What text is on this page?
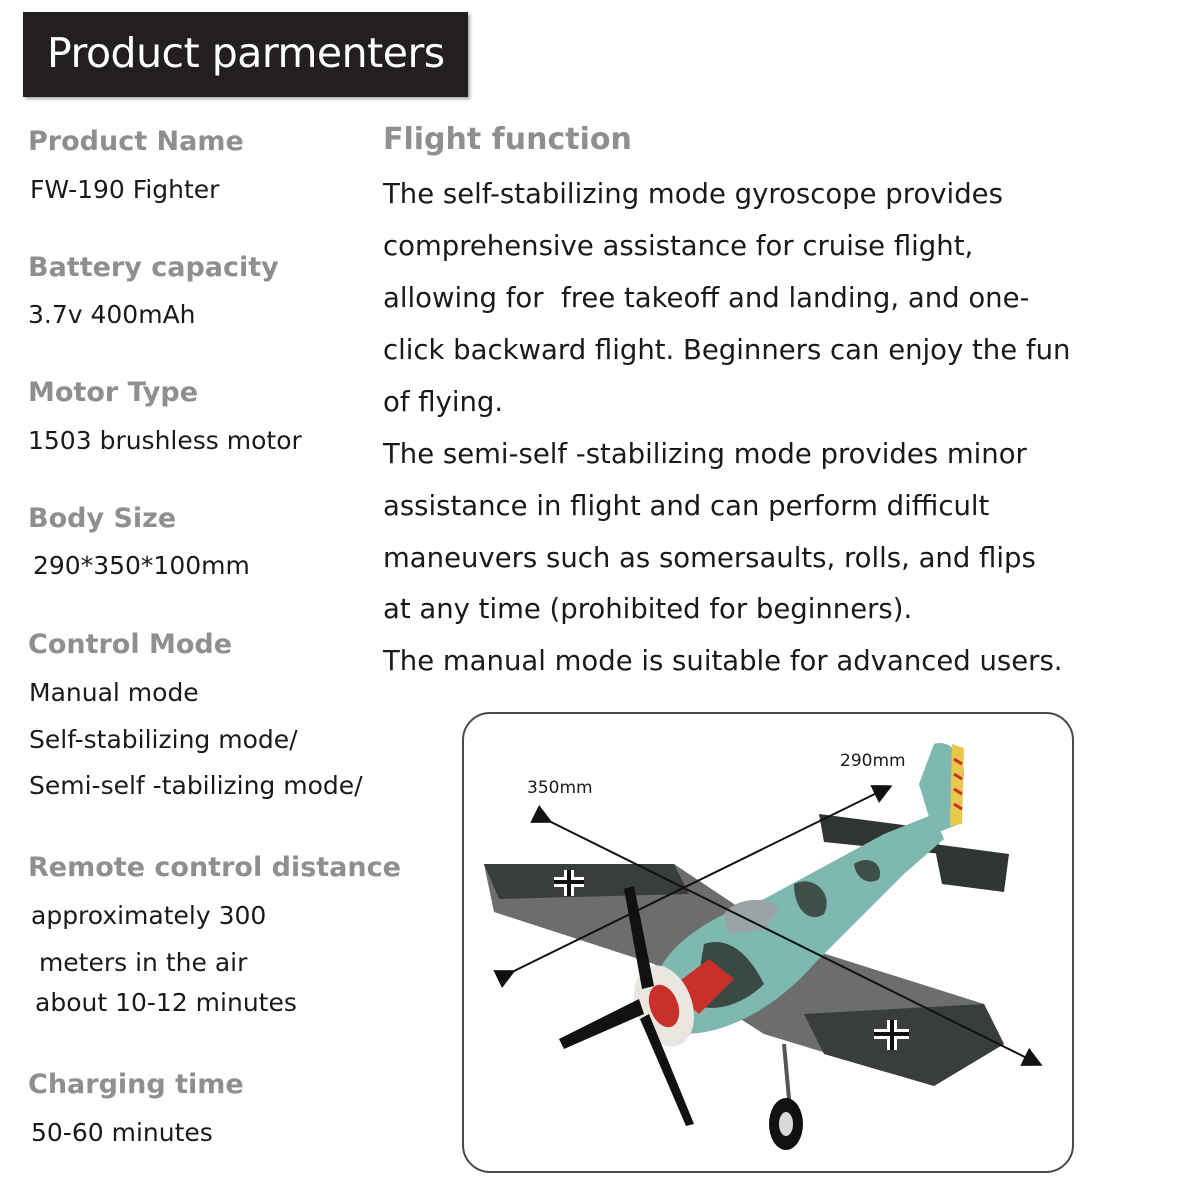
Product parmenters
Product Name

FW-190 Fighter

Battery capacity

3.7v 400mAh

Motor Type

1503 brushless motor

Body Size

290*350*100mm

Control Mode

Manual mode

Self-stabilizing mode/

Semi-self -tabilizing mode/

Remote control distance

approximately 300

meters in the air

about 10-12 minutes

Charging time

50-60 minutes

Flight function

The self-stabilizing mode gyroscope provides

comprehensive assistance for cruise flight,

allowing for  free takeoff and landing, and one-

click backward flight. Beginners can enjoy the fun

of flying.

The semi-self -stabilizing mode provides minor

assistance in flight and can perform difficult

maneuvers such as somersaults, rolls, and flips

at any time (prohibited for beginners).

The manual mode is suitable for advanced users.

350mm
290mm
